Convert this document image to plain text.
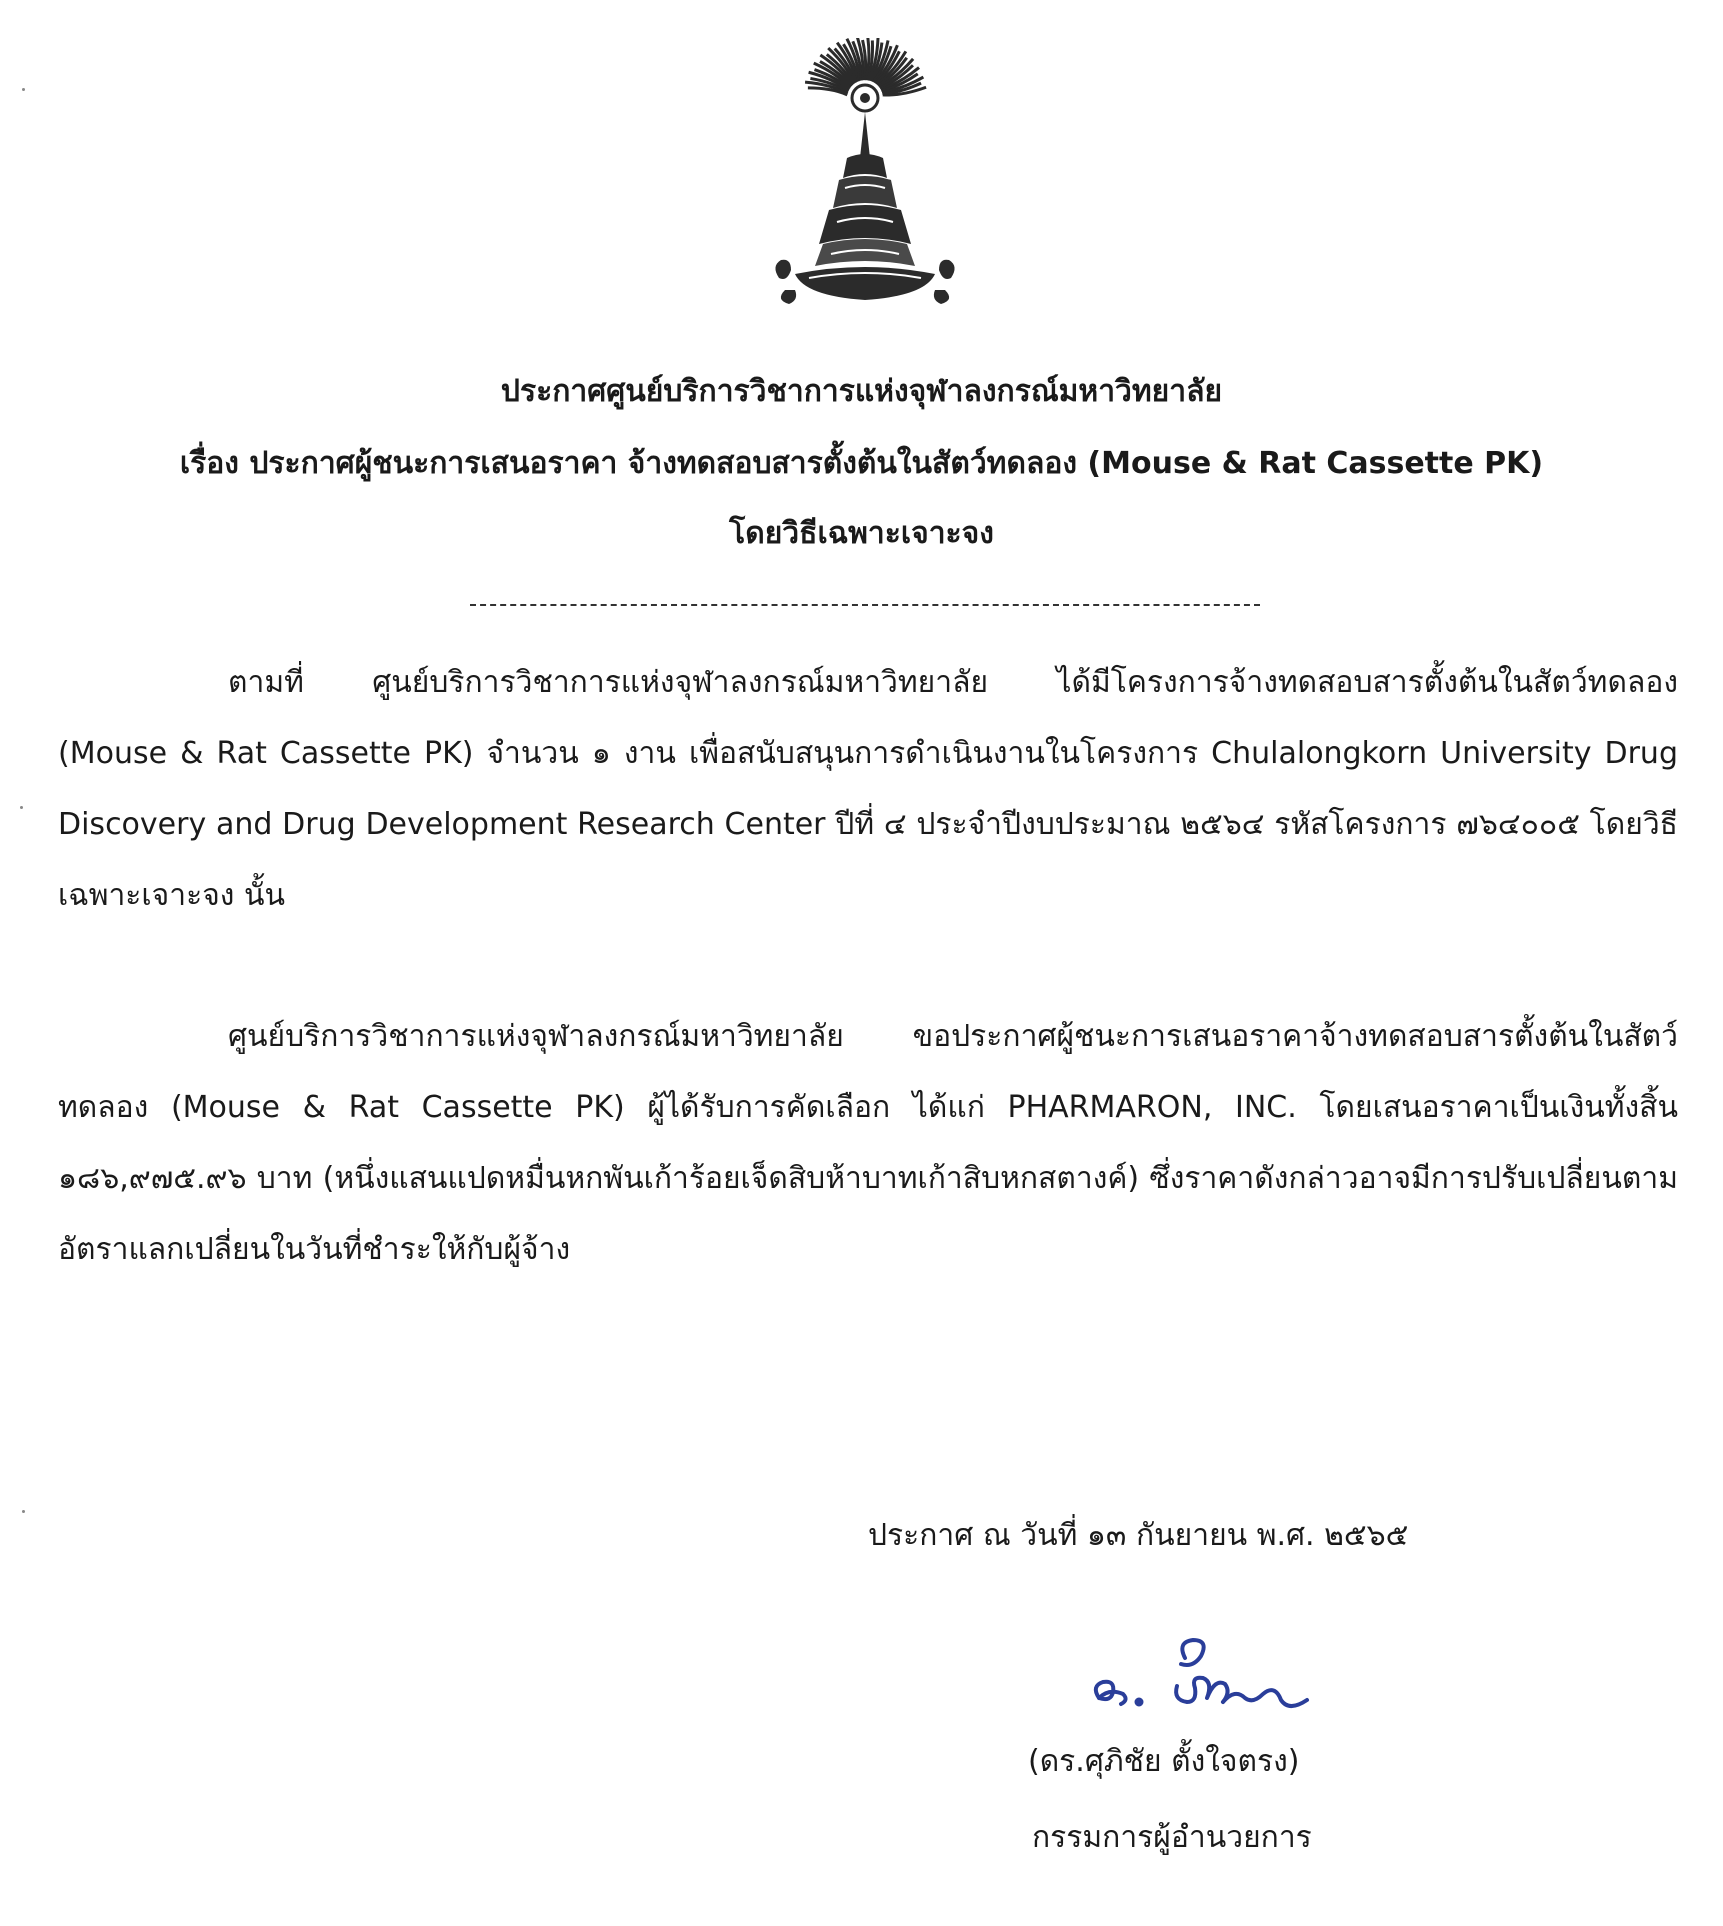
ประกาศศูนย์บริการวิชาการแห่งจุฬาลงกรณ์มหาวิทยาลัย
เรื่อง ประกาศผู้ชนะการเสนอราคา จ้างทดสอบสารตั้งต้นในสัตว์ทดลอง (Mouse & Rat Cassette PK)
โดยวิธีเฉพาะเจาะจง

ตามที่ ศูนย์บริการวิชาการแห่งจุฬาลงกรณ์มหาวิทยาลัย ได้มีโครงการจ้างทดสอบสารตั้งต้นในสัตว์ทดลอง (Mouse & Rat Cassette PK) จำนวน ๑ งาน เพื่อสนับสนุนการดำเนินงานในโครงการ Chulalongkorn University Drug Discovery and Drug Development Research Center ปีที่ ๔ ประจำปีงบประมาณ ๒๕๖๔ รหัสโครงการ ๗๖๔๐๐๕ โดยวิธีเฉพาะเจาะจง นั้น

ศูนย์บริการวิชาการแห่งจุฬาลงกรณ์มหาวิทยาลัย ขอประกาศผู้ชนะการเสนอราคาจ้างทดสอบสารตั้งต้นในสัตว์ทดลอง (Mouse & Rat Cassette PK) ผู้ได้รับการคัดเลือก ได้แก่ PHARMARON, INC. โดยเสนอราคาเป็นเงินทั้งสิ้น ๑๘๖,๙๗๕.๙๖ บาท (หนึ่งแสนแปดหมื่นหกพันเก้าร้อยเจ็ดสิบห้าบาทเก้าสิบหกสตางค์) ซึ่งราคาดังกล่าวอาจมีการปรับเปลี่ยนตามอัตราแลกเปลี่ยนในวันที่ชำระให้กับผู้จ้าง

ประกาศ ณ วันที่ ๑๓ กันยายน พ.ศ. ๒๕๖๕
(ดร.ศุภิชัย ตั้งใจตรง)
กรรมการผู้อำนวยการ
